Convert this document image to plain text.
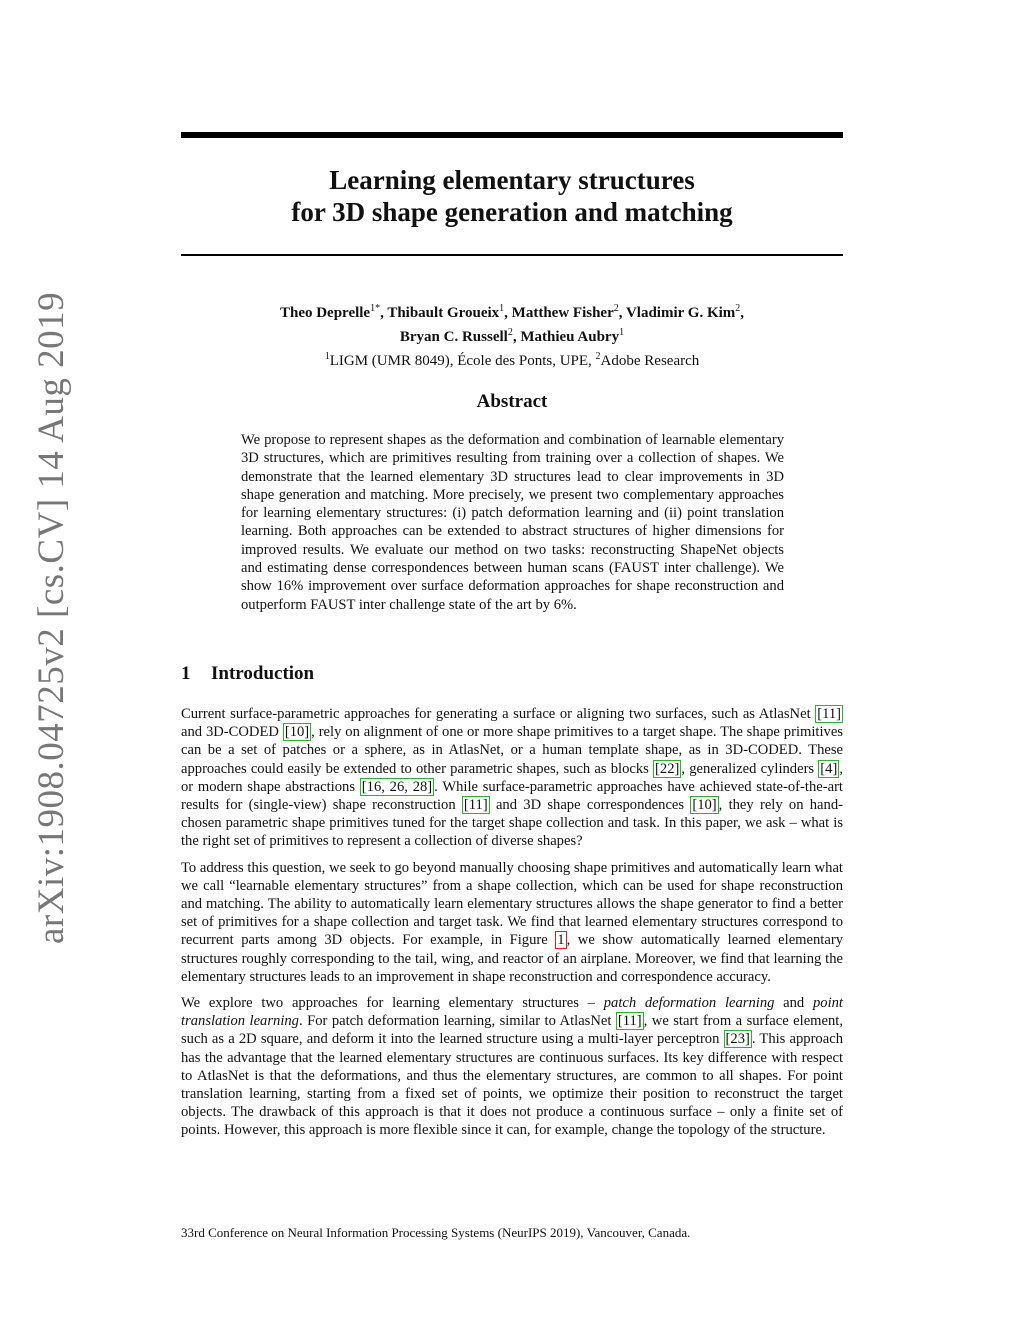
arXiv:1908.04725v2 [cs.CV] 14 Aug 2019
Learning elementary structures
for 3D shape generation and matching
Theo Deprelle$^{1*}$, Thibault Groueix$^1$, Matthew Fisher$^2$, Vladimir G. Kim$^2$,
Bryan C. Russell$^2$, Mathieu Aubry$^1$
$^1$LIGM (UMR 8049), École des Ponts, UPE, $^2$Adobe Research
Abstract
We propose to represent shapes as the deformation and combination of learnable elementary 3D structures, which are primitives resulting from training over a collection of shapes. We demonstrate that the learned elementary 3D structures lead to clear improvements in 3D shape generation and matching. More precisely, we present two complementary approaches for learning elementary structures: (i) patch deformation learning and (ii) point translation learning. Both approaches can be extended to abstract structures of higher dimensions for improved results. We evaluate our method on two tasks: reconstructing ShapeNet objects and estimating dense correspondences between human scans (FAUST inter challenge). We show 16% improvement over surface deformation approaches for shape reconstruction and outperform FAUST inter challenge state of the art by 6%.
1 Introduction

Current surface-parametric approaches for generating a surface or aligning two surfaces, such as AtlasNet [11] and 3D-CODED [10] , rely on alignment of one or more shape primitives to a target shape. The shape primitives can be a set of patches or a sphere, as in AtlasNet, or a human template shape, as in 3D-CODED. These approaches could easily be extended to other parametric shapes, such as blocks [22] , generalized cylinders [4] , or modern shape abstractions [16, 26, 28] . While surface-parametric approaches have achieved state-of-the-art results for (single-view) shape reconstruction [11] and 3D shape correspondences [10] , they rely on hand-chosen parametric shape primitives tuned for the target shape collection and task. In this paper, we ask – what is the right set of primitives to represent a collection of diverse shapes?

To address this question, we seek to go beyond manually choosing shape primitives and automatically learn what we call “learnable elementary structures” from a shape collection, which can be used for shape reconstruction and matching. The ability to automatically learn elementary structures allows the shape generator to find a better set of primitives for a shape collection and target task. We find that learned elementary structures correspond to recurrent parts among 3D objects. For example, in Figure 1 , we show automatically learned elementary structures roughly corresponding to the tail, wing, and reactor of an airplane. Moreover, we find that learning the elementary structures leads to an improvement in shape reconstruction and correspondence accuracy.

We explore two approaches for learning elementary structures – patch deformation learning and point translation learning. For patch deformation learning, similar to AtlasNet [11] , we start from a surface element, such as a 2D square, and deform it into the learned structure using a multi-layer perceptron [23] . This approach has the advantage that the learned elementary structures are continuous surfaces. Its key difference with respect to AtlasNet is that the deformations, and thus the elementary structures, are common to all shapes. For point translation learning, starting from a fixed set of points, we optimize their position to reconstruct the target objects. The drawback of this approach is that it does not produce a continuous surface – only a finite set of points. However, this approach is more flexible since it can, for example, change the topology of the structure.

33rd Conference on Neural Information Processing Systems (NeurIPS 2019), Vancouver, Canada.
